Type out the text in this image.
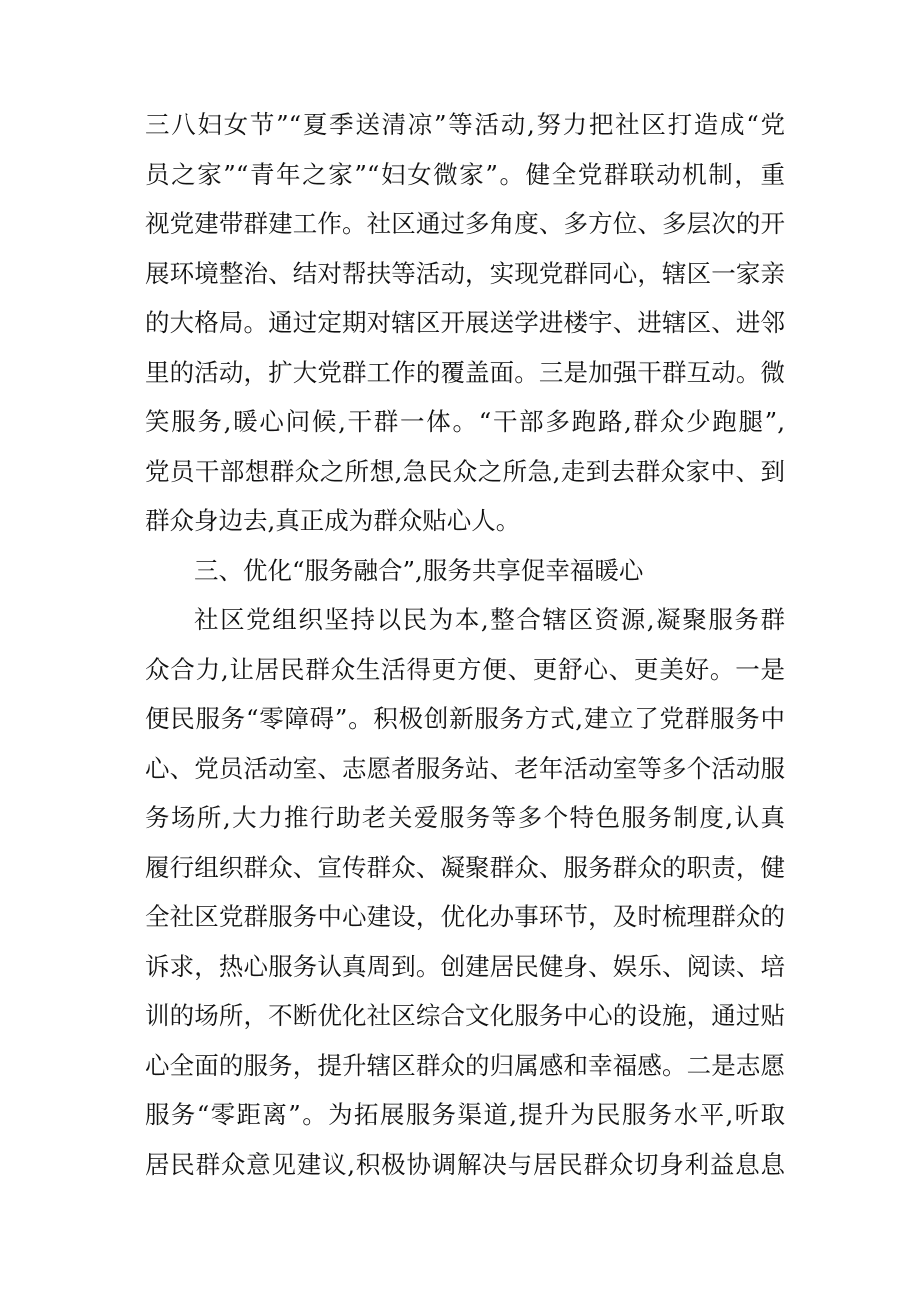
三八妇女节”“夏季送清凉”等活动,努力把社区打造成“党
员之家”“青年之家”“妇女微家”。健全党群联动机制，重
视党建带群建工作。社区通过多角度、多方位、多层次的开
展环境整治、结对帮扶等活动，实现党群同心，辖区一家亲
的大格局。通过定期对辖区开展送学进楼宇、进辖区、进邻
里的活动，扩大党群工作的覆盖面。三是加强干群互动。微
笑服务,暖心问候,干群一体。“干部多跑路,群众少跑腿”,
党员干部想群众之所想,急民众之所急,走到去群众家中、到
群众身边去,真正成为群众贴心人。
三、优化“服务融合”,服务共享促幸福暖心
社区党组织坚持以民为本,整合辖区资源,凝聚服务群
众合力,让居民群众生活得更方便、更舒心、更美好。一是
便民服务“零障碍”。积极创新服务方式,建立了党群服务中
心、党员活动室、志愿者服务站、老年活动室等多个活动服
务场所,大力推行助老关爱服务等多个特色服务制度,认真
履行组织群众、宣传群众、凝聚群众、服务群众的职责，健
全社区党群服务中心建设，优化办事环节，及时梳理群众的
诉求，热心服务认真周到。创建居民健身、娱乐、阅读、培
训的场所，不断优化社区综合文化服务中心的设施，通过贴
心全面的服务，提升辖区群众的归属感和幸福感。二是志愿
服务“零距离”。为拓展服务渠道,提升为民服务水平,听取
居民群众意见建议,积极协调解决与居民群众切身利益息息
